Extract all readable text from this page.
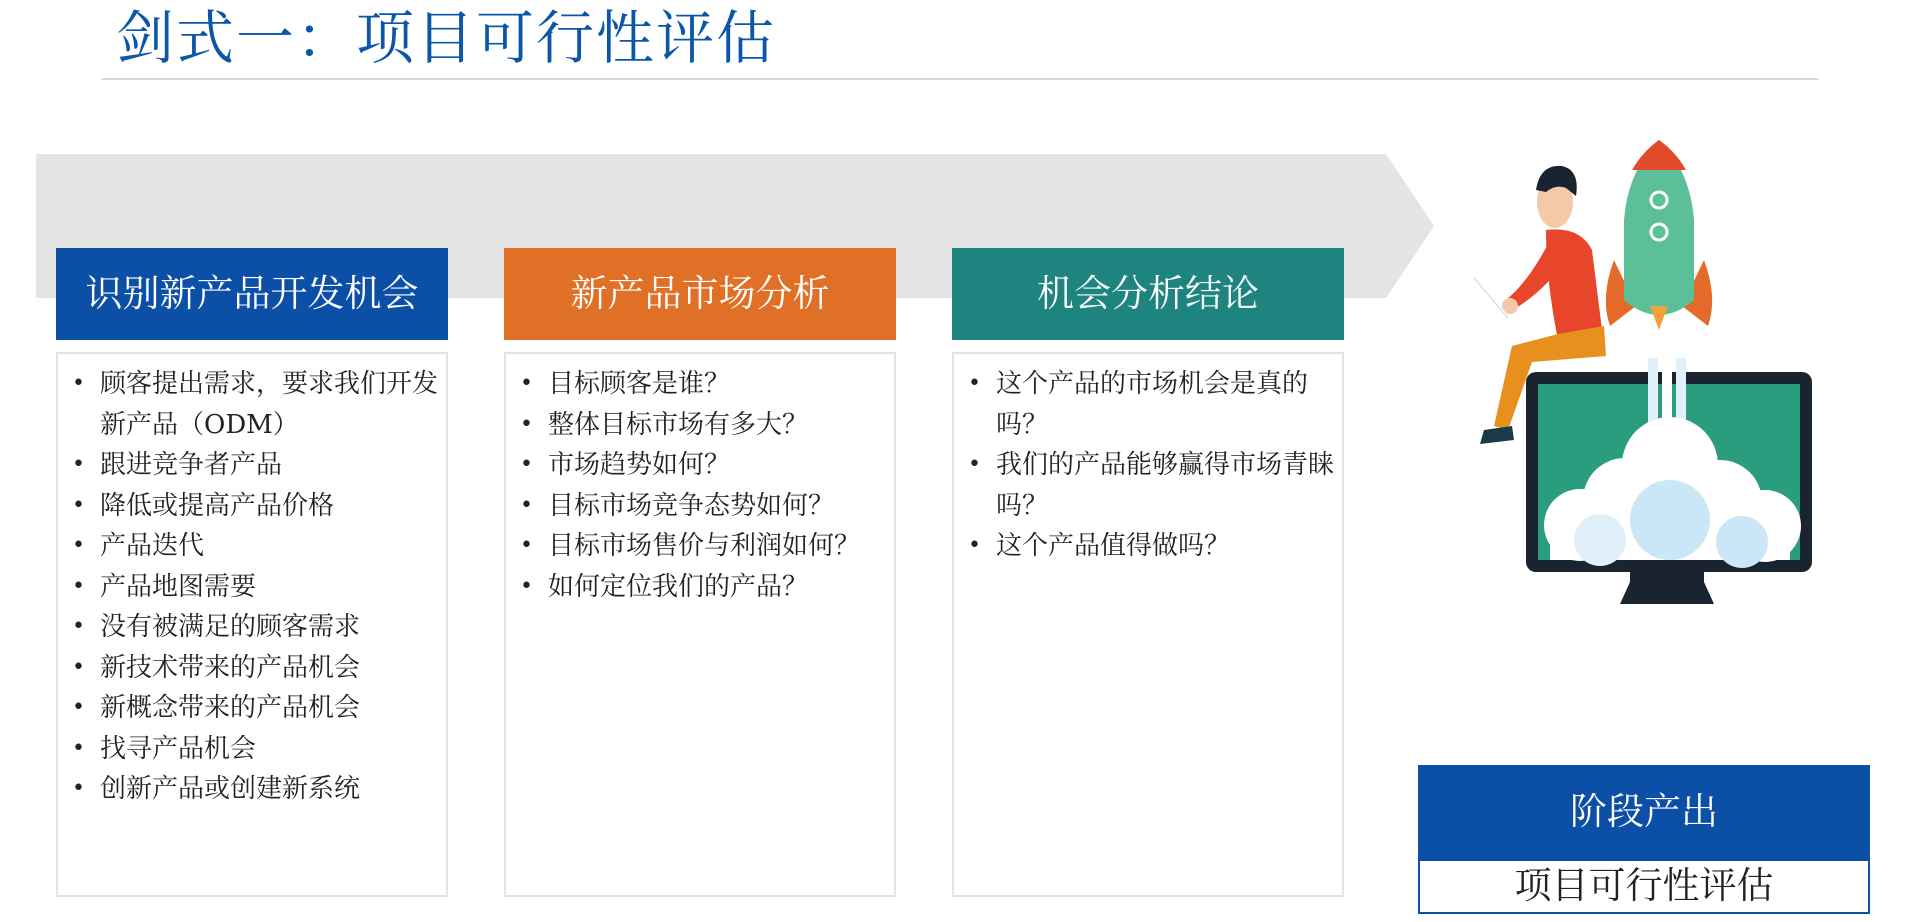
剑式一：项目可行性评估
识别新产品开发机会
• 顾客提出需求，要求我们开发新产品（ODM）
• 跟进竞争者产品
• 降低或提高产品价格
• 产品迭代
• 产品地图需要
• 没有被满足的顾客需求
• 新技术带来的产品机会
• 新概念带来的产品机会
• 找寻产品机会
• 创新产品或创建新系统
新产品市场分析
• 目标顾客是谁？
• 整体目标市场有多大？
• 市场趋势如何？
• 目标市场竞争态势如何？
• 目标市场售价与利润如何？
• 如何定位我们的产品？
机会分析结论
• 这个产品的市场机会是真的吗？
• 我们的产品能够赢得市场青睐吗？
• 这个产品值得做吗？
阶段产出
项目可行性评估
